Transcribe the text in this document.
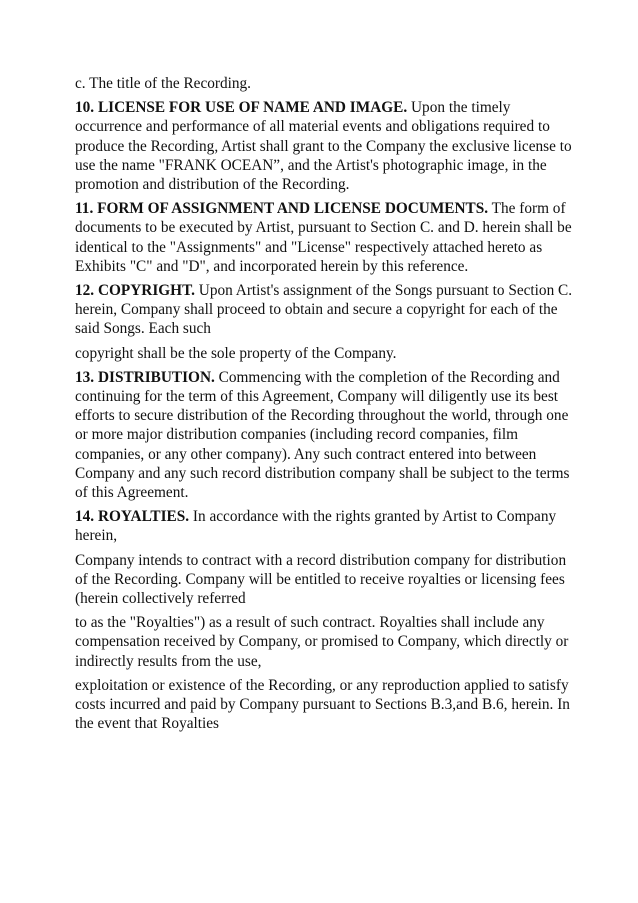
c. The title of the Recording.

10. LICENSE FOR USE OF NAME AND IMAGE. Upon the timely occurrence and performance of all material events and obligations required to produce the Recording, Artist shall grant to the Company the exclusive license to use the name "FRANK OCEAN”, and the Artist's photographic image, in the promotion and distribution of the Recording.

11. FORM OF ASSIGNMENT AND LICENSE DOCUMENTS. The form of documents to be executed by Artist, pursuant to Section C. and D. herein shall be identical to the "Assignments" and "License" respectively attached hereto as Exhibits "C" and "D", and incorporated herein by this reference.

12. COPYRIGHT. Upon Artist's assignment of the Songs pursuant to Section C. herein, Company shall proceed to obtain and secure a copyright for each of the said Songs. Each such

copyright shall be the sole property of the Company.

13. DISTRIBUTION. Commencing with the completion of the Recording and continuing for the term of this Agreement, Company will diligently use its best efforts to secure distribution of the Recording throughout the world, through one or more major distribution companies (including record companies, film companies, or any other company). Any such contract entered into between Company and any such record distribution company shall be subject to the terms of this Agreement.

14. ROYALTIES. In accordance with the rights granted by Artist to Company herein,

Company intends to contract with a record distribution company for distribution of the Recording. Company will be entitled to receive royalties or licensing fees (herein collectively referred

to as the "Royalties") as a result of such contract. Royalties shall include any compensation received by Company, or promised to Company, which directly or indirectly results from the use,

exploitation or existence of the Recording, or any reproduction applied to satisfy costs incurred and paid by Company pursuant to Sections B.3,and B.6, herein. In the event that Royalties
